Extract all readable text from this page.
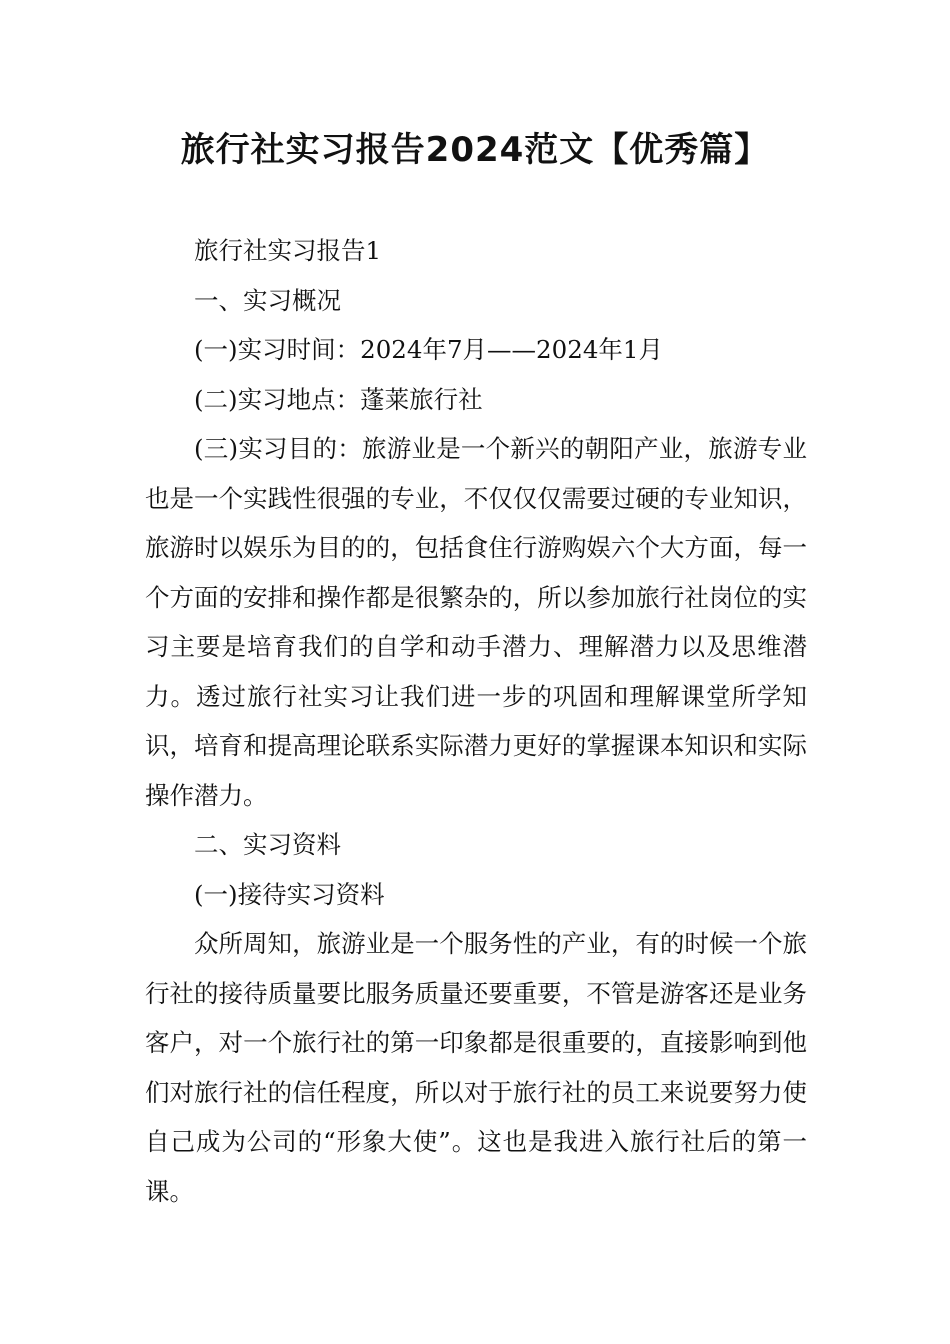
旅行社实习报告2024范文【优秀篇】

旅行社实习报告1

一、实习概况

(一)实习时间：2024年7月——2024年1月

(二)实习地点：蓬莱旅行社

(三)实习目的：旅游业是一个新兴的朝阳产业，旅游专业也是一个实践性很强的专业，不仅仅仅需要过硬的专业知识，旅游时以娱乐为目的的，包括食住行游购娱六个大方面，每一个方面的安排和操作都是很繁杂的，所以参加旅行社岗位的实习主要是培育我们的自学和动手潜力、理解潜力以及思维潜力。透过旅行社实习让我们进一步的巩固和理解课堂所学知识，培育和提高理论联系实际潜力更好的掌握课本知识和实际操作潜力。

二、实习资料

(一)接待实习资料

众所周知，旅游业是一个服务性的产业，有的时候一个旅行社的接待质量要比服务质量还要重要，不管是游客还是业务客户，对一个旅行社的第一印象都是很重要的，直接影响到他们对旅行社的信任程度，所以对于旅行社的员工来说要努力使自己成为公司的“形象大使”。这也是我进入旅行社后的第一课。
